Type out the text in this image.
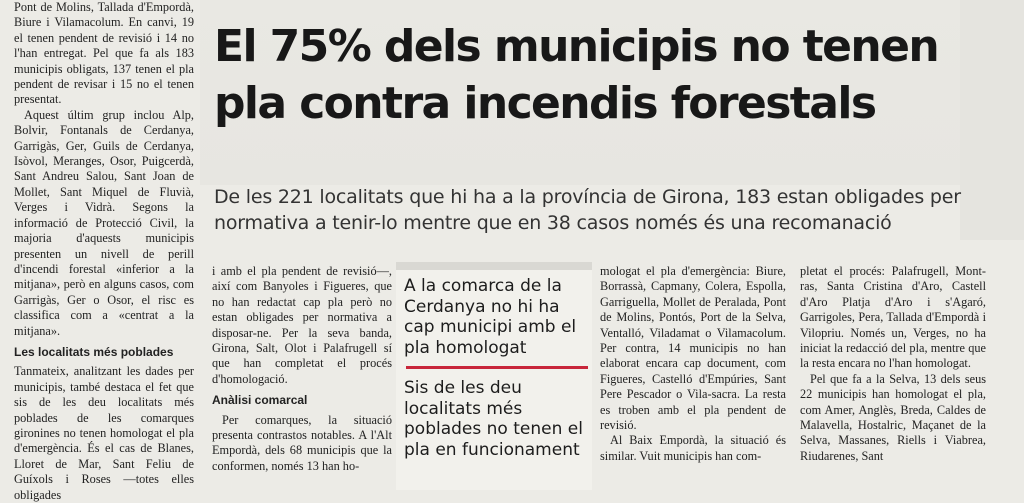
Pont de Molins, Tallada d'Empordà, Biure i Vilamacolum. En canvi, 19 el tenen pendent de revisió i 14 no l'han entregat. Pel que fa als 183 municipis obligats, 137 tenen el pla pendent de revisar i 15 no el tenen presentat.

Aquest últim grup inclou Alp, Bolvir, Fontanals de Cerdanya, Garrigàs, Ger, Guils de Cerdanya, Isòvol, Meranges, Osor, Puigcerdà, Sant Andreu Salou, Sant Joan de Mollet, Sant Miquel de Fluvià, Verges i Vidrà. Segons la informació de Protecció Civil, la majoria d'aquests municipis presenten un nivell de perill d'incendi forestal «inferior a la mitjana», però en alguns casos, com Garrigàs, Ger o Osor, el risc es classifica com a «centrat a la mitjana».

Les localitats més poblades

Tanmateix, analitzant les dades per municipis, també destaca el fet que sis de les deu localitats més poblades de les comarques gironines no tenen homologat el pla d'emergència. És el cas de Blanes, Lloret de Mar, Sant Feliu de Guíxols i Roses —totes elles obligades

El 75% dels municipis no tenen pla contra incendis forestals

De les 221 localitats que hi ha a la província de Girona, 183 estan obligades per normativa a tenir-lo mentre que en 38 casos només és una recomanació

i amb el pla pendent de revisió—, així com Banyoles i Figueres, que no han redactat cap pla però no estan obligades per normativa a disposar-ne. Per la seva banda, Girona, Salt, Olot i Palafrugell sí que han completat el procés d'homologació.

Anàlisi comarcal

Per comarques, la situació presenta contrastos notables. A l'Alt Empordà, dels 68 municipis que la conformen, només 13 han ho-

A la comarca de la Cerdanya no hi ha cap municipi amb el pla homologat

Sis de les deu localitats més poblades no tenen el pla en funcionament

mologat el pla d'emergència: Biure, Borrassà, Capmany, Colera, Espolla, Garriguella, Mollet de Peralada, Pont de Molins, Pontós, Port de la Selva, Ventalló, Viladamat o Vilamacolum. Per contra, 14 municipis no han elaborat encara cap document, com Figueres, Castelló d'Empúries, Sant Pere Pescador o Vila-sacra. La resta es troben amb el pla pendent de revisió.

Al Baix Empordà, la situació és similar. Vuit municipis han com-

pletat el procés: Palafrugell, Mont-ras, Santa Cristina d'Aro, Castell d'Aro Platja d'Aro i s'Agaró, Garrigoles, Pera, Tallada d'Empordà i Vilopriu. Només un, Verges, no ha iniciat la redacció del pla, mentre que la resta encara no l'han homologat.

Pel que fa a la Selva, 13 dels seus 22 municipis han homologat el pla, com Amer, Anglès, Breda, Caldes de Malavella, Hostalric, Maçanet de la Selva, Massanes, Riells i Viabrea, Riudarenes, Sant
